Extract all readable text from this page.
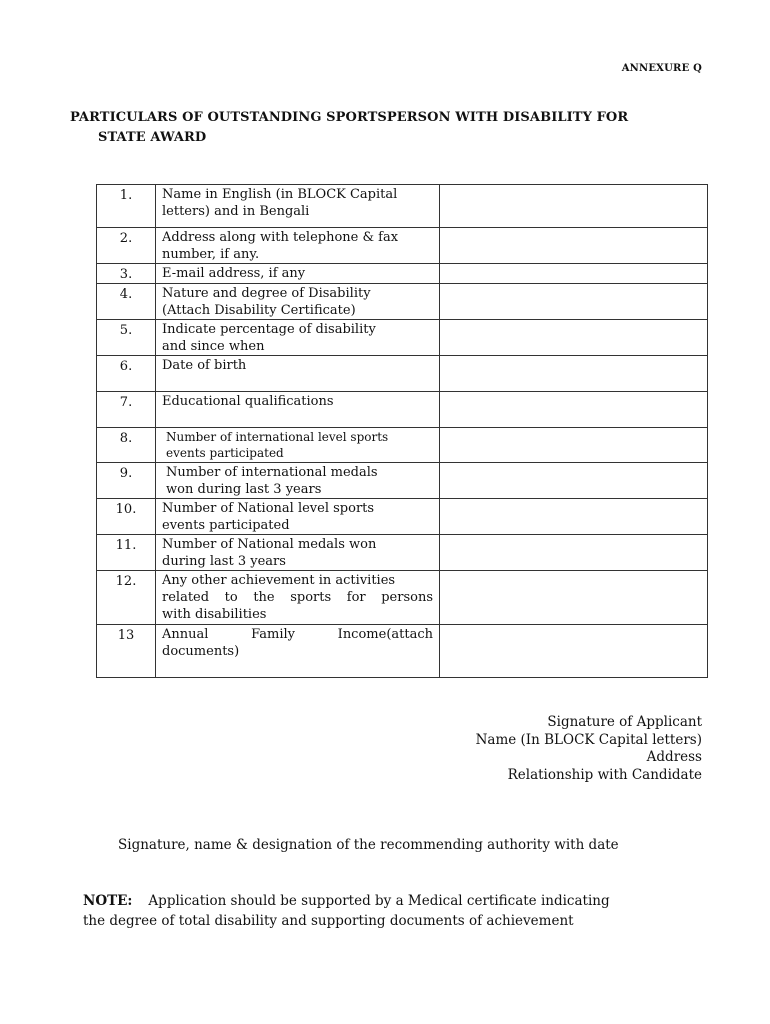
ANNEXURE Q
PARTICULARS OF OUTSTANDING SPORTSPERSON WITH DISABILITY FOR
STATE AWARD
1.	Name in English (in BLOCK Capital
letters) and in Bengali	

2.	Address along with telephone & fax
number, if any.	

3.	E-mail address, if any	

4.	Nature and degree of Disability
(Attach Disability Certificate)	

5.	Indicate percentage of disability
and since when	

6.	Date of birth	

7.	Educational qualifications	

8.	Number of international level sports
events participated	

9.	Number of international medals
won during last 3 years	

10.	Number of National level sports
events participated	

11.	Number of National medals won
during last 3 years	

12.	Any other achievement in activities
related to the sports for persons
with disabilities	

13	Annual Family Income(attach
documents)	

Signature of Applicant
Name (In BLOCK Capital letters)
Address
Relationship with Candidate
Signature, name & designation of the recommending authority with date
NOTE: Application should be supported by a Medical certificate indicating
the degree of total disability and supporting documents of achievement
